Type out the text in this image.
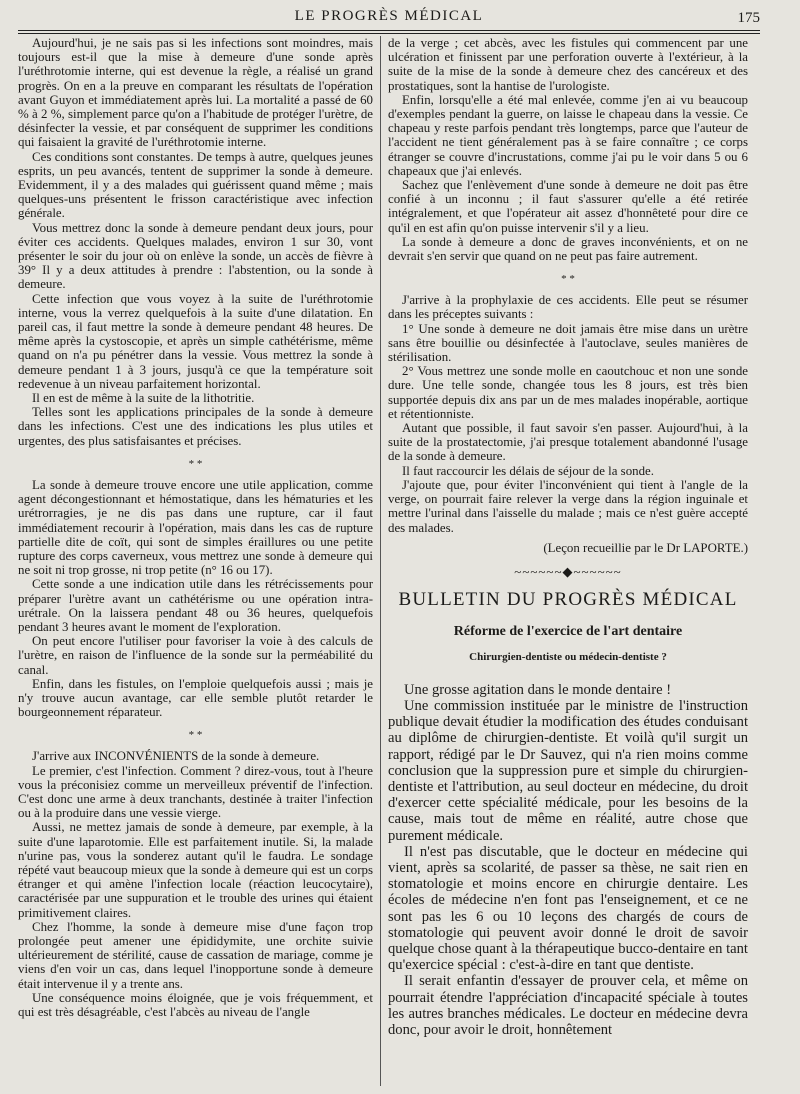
LE PROGRÈS MÉDICAL	175

Aujourd'hui, je ne sais pas si les infections sont moindres, mais toujours est-il que la mise à demeure d'une sonde après l'uréthrotomie interne, qui est devenue la règle, a réalisé un grand progrès. On en a la preuve en comparant les résultats de l'opération avant Guyon et immédiatement après lui. La mortalité a passé de 60 % à 2 %, simplement parce qu'on a l'habitude de protéger l'urètre, de désinfecter la vessie, et par conséquent de supprimer les conditions qui faisaient la gravité de l'uréthrotomie interne.

Ces conditions sont constantes. De temps à autre, quelques jeunes esprits, un peu avancés, tentent de supprimer la sonde à demeure. Evidemment, il y a des malades qui guérissent quand même ; mais quelques-uns présentent le frisson caractéristique avec infection générale.

Vous mettrez donc la sonde à demeure pendant deux jours, pour éviter ces accidents. Quelques malades, environ 1 sur 30, vont présenter le soir du jour où on enlève la sonde, un accès de fièvre à 39° Il y a deux attitudes à prendre : l'abstention, ou la sonde à demeure.

Cette infection que vous voyez à la suite de l'uréthrotomie interne, vous la verrez quelquefois à la suite d'une dilatation. En pareil cas, il faut mettre la sonde à demeure pendant 48 heures. De même après la cystoscopie, et après un simple cathétérisme, même quand on n'a pu pénétrer dans la vessie. Vous mettrez la sonde à demeure pendant 1 à 3 jours, jusqu'à ce que la température soit redevenue à un niveau parfaitement horizontal.

Il en est de même à la suite de la lithotritie.

Telles sont les applications principales de la sonde à demeure dans les infections. C'est une des indications les plus utiles et urgentes, des plus satisfaisantes et précises.

* *

La sonde à demeure trouve encore une utile application, comme agent décongestionnant et hémostatique, dans les hématuries et les urétrorragies, je ne dis pas dans une rupture, car il faut immédiatement recourir à l'opération, mais dans les cas de rupture partielle dite de coït, qui sont de simples éraillures ou une petite rupture des corps caverneux, vous mettrez une sonde à demeure qui ne soit ni trop grosse, ni trop petite (n° 16 ou 17).

Cette sonde a une indication utile dans les rétrécissements pour préparer l'urètre avant un cathétérisme ou une opération intra-urétrale. On la laissera pendant 48 ou 36 heures, quelquefois pendant 3 heures avant le moment de l'exploration.

On peut encore l'utiliser pour favoriser la voie à des calculs de l'urètre, en raison de l'influence de la sonde sur la perméabilité du canal.

Enfin, dans les fistules, on l'emploie quelquefois aussi ; mais je n'y trouve aucun avantage, car elle semble plutôt retarder le bourgeonnement réparateur.

* *

J'arrive aux INCONVÉNIENTS de la sonde à demeure.

Le premier, c'est l'infection. Comment ? direz-vous, tout à l'heure vous la préconisiez comme un merveilleux préventif de l'infection. C'est donc une arme à deux tranchants, destinée à traiter l'infection ou à la produire dans une vessie vierge.

Aussi, ne mettez jamais de sonde à demeure, par exemple, à la suite d'une laparotomie. Elle est parfaitement inutile. Si, la malade n'urine pas, vous la sonderez autant qu'il le faudra. Le sondage répété vaut beaucoup mieux que la sonde à demeure qui est un corps étranger et qui amène l'infection locale (réaction leucocytaire), caractérisée par une suppuration et le trouble des urines qui étaient primitivement claires.

Chez l'homme, la sonde à demeure mise d'une façon trop prolongée peut amener une épididymite, une orchite suivie ultérieurement de stérilité, cause de cassation de mariage, comme je viens d'en voir un cas, dans lequel l'inopportune sonde à demeure était intervenue il y a trente ans.

Une conséquence moins éloignée, que je vois fréquemment, et qui est très désagréable, c'est l'abcès au niveau de l'angle

de la verge ; cet abcès, avec les fistules qui commencent par une ulcération et finissent par une perforation ouverte à l'extérieur, à la suite de la mise de la sonde à demeure chez des cancéreux et des prostatiques, sont la hantise de l'urologiste.

Enfin, lorsqu'elle a été mal enlevée, comme j'en ai vu beaucoup d'exemples pendant la guerre, on laisse le chapeau dans la vessie. Ce chapeau y reste parfois pendant très longtemps, parce que l'auteur de l'accident ne tient généralement pas à se faire connaître ; ce corps étranger se couvre d'incrustations, comme j'ai pu le voir dans 5 ou 6 chapeaux que j'ai enlevés.

Sachez que l'enlèvement d'une sonde à demeure ne doit pas être confié à un inconnu ; il faut s'assurer qu'elle a été retirée intégralement, et que l'opérateur ait assez d'honnêteté pour dire ce qu'il en est afin qu'on puisse intervenir s'il y a lieu.

La sonde à demeure a donc de graves inconvénients, et on ne devrait s'en servir que quand on ne peut pas faire autrement.

* *

J'arrive à la prophylaxie de ces accidents. Elle peut se résumer dans les préceptes suivants :

1° Une sonde à demeure ne doit jamais être mise dans un urètre sans être bouillie ou désinfectée à l'autoclave, seules manières de stérilisation.

2° Vous mettrez une sonde molle en caoutchouc et non une sonde dure. Une telle sonde, changée tous les 8 jours, est très bien supportée depuis dix ans par un de mes malades inopérable, aortique et rétentionniste.

Autant que possible, il faut savoir s'en passer. Aujourd'hui, à la suite de la prostatectomie, j'ai presque totalement abandonné l'usage de la sonde à demeure.

Il faut raccourcir les délais de séjour de la sonde.

J'ajoute que, pour éviter l'inconvénient qui tient à l'angle de la verge, on pourrait faire relever la verge dans la région inguinale et mettre l'urinal dans l'aisselle du malade ; mais ce n'est guère accepté des malades.

(Leçon recueillie par le Dr LAPORTE.)
~~~~~~◆~~~~~~
BULLETIN DU PROGRÈS MÉDICAL
Réforme de l'exercice de l'art dentaire
Chirurgien-dentiste ou médecin-dentiste ?

Une grosse agitation dans le monde dentaire !

Une commission instituée par le ministre de l'instruction publique devait étudier la modification des études conduisant au diplôme de chirurgien-dentiste. Et voilà qu'il surgit un rapport, rédigé par le Dr Sauvez, qui n'a rien moins comme conclusion que la suppression pure et simple du chirurgien-dentiste et l'attribution, au seul docteur en médecine, du droit d'exercer cette spécialité médicale, pour les besoins de la cause, mais tout de même en réalité, autre chose que purement médicale.

Il n'est pas discutable, que le docteur en médecine qui vient, après sa scolarité, de passer sa thèse, ne sait rien en stomatologie et moins encore en chirurgie dentaire. Les écoles de médecine n'en font pas l'enseignement, et ce ne sont pas les 6 ou 10 leçons des chargés de cours de stomatologie qui peuvent avoir donné le droit de savoir quelque chose quant à la thérapeutique bucco-dentaire en tant qu'exercice spécial : c'est-à-dire en tant que dentiste.

Il serait enfantin d'essayer de prouver cela, et même on pourrait étendre l'appréciation d'incapacité spéciale à toutes les autres branches médicales. Le docteur en médecine devra donc, pour avoir le droit, honnêtement
